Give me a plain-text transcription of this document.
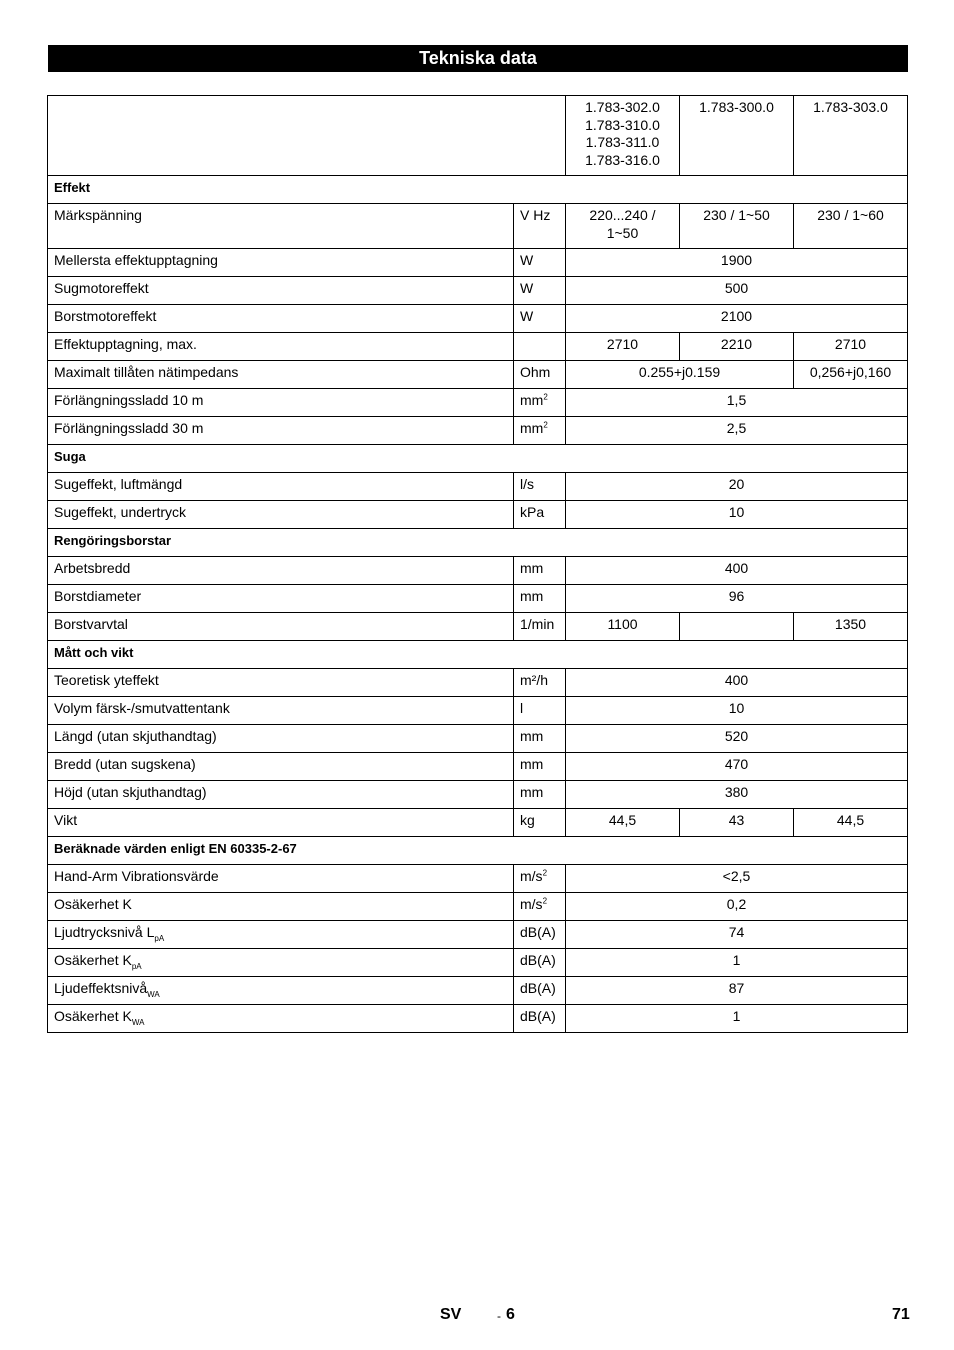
Tekniska data

		1.783-302.0
1.783-310.0
1.783-311.0
1.783-316.0	1.783-300.0	1.783-303.0
Effekt				
Märkspänning	V Hz	220...240 / 1~50	230 / 1~50	230 / 1~60
Mellersta effektupptagning	W	1900		
Sugmotoreffekt	W	500		
Borstmotoreffekt	W	2100		
Effektupptagning, max.		2710	2210	2710
Maximalt tillåten nätimpedans	Ohm	0.255+j0.159		0,256+j0,160
Förlängningssladd 10 m	$mm^2$	1,5		
Förlängningssladd 30 m	$mm^2$	2,5		
Suga				
Sugeffekt, luftmängd	l/s	20		
Sugeffekt, undertryck	kPa	10		
Rengöringsborstar				
Arbetsbredd	mm	400		
Borstdiameter	mm	96		
Borstvarvtal	1/min	1100		1350
Mått och vikt				
Teoretisk yteffekt	m²/h	400		
Volym färsk-/smutvattentank	l	10		
Längd (utan skjuthandtag)	mm	520		
Bredd (utan sugskena)	mm	470		
Höjd (utan skjuthandtag)	mm	380		
Vikt	kg	44,5	43	44,5
Beräknade värden enligt EN 60335-2-67				
Hand-Arm Vibrationsvärde	$m/s^2$	<2,5		
Osäkerhet K	$m/s^2$	0,2		
Ljudtrycksnivå $L_{pA}$	dB(A)	74		
Osäkerhet $K_{pA}$	dB(A)	1		
Ljudeffektsnivå$_{WA}$	dB(A)	87		
Osäkerhet $K_{WA}$	dB(A)	1		
SV	- 6	71
